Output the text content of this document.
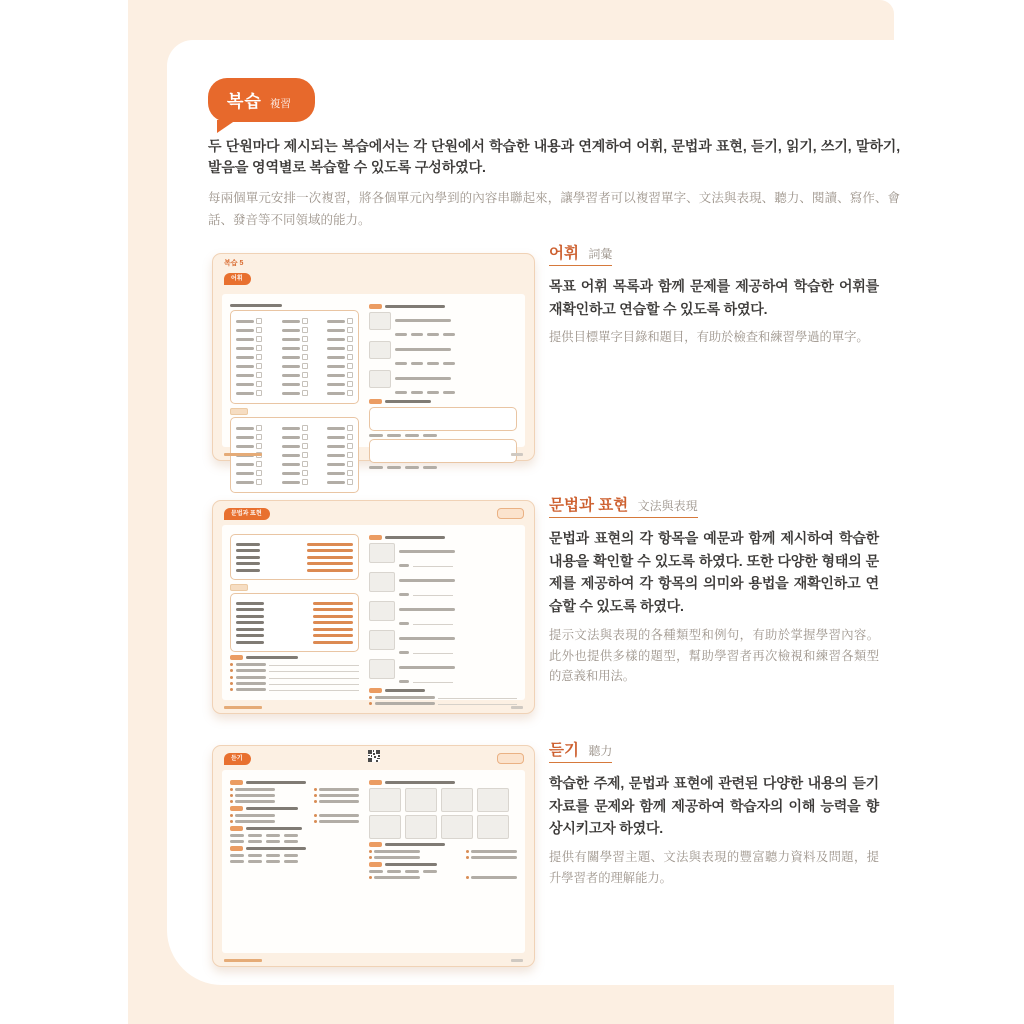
복습 複習
두 단원마다 제시되는 복습에서는 각 단원에서 학습한 내용과 연계하여 어휘, 문법과 표현, 듣기, 읽기, 쓰기, 말하기, 발음을 영역별로 복습할 수 있도록 구성하였다.
每兩個單元安排一次複習，將各個單元內學到的內容串聯起來，讓學習者可以複習單字、文法與表現、聽力、閱讀、寫作、會話、發音等不同領域的能力。
복습 5
어휘
문법과 표현
듣기
어휘 詞彙
목표 어휘 목록과 함께 문제를 제공하여 학습한 어휘를 재확인하고 연습할 수 있도록 하였다.
提供目標單字目錄和題目，有助於檢查和練習學過的單字。
문법과 표현 文法與表現
문법과 표현의 각 항목을 예문과 함께 제시하여 학습한 내용을 확인할 수 있도록 하였다. 또한 다양한 형태의 문제를 제공하여 각 항목의 의미와 용법을 재확인하고 연습할 수 있도록 하였다.
提示文法與表現的各種類型和例句，有助於掌握學習內容。此外也提供多樣的題型，幫助學習者再次檢視和練習各類型的意義和用法。
듣기 聽力
학습한 주제, 문법과 표현에 관련된 다양한 내용의 듣기 자료를 문제와 함께 제공하여 학습자의 이해 능력을 향상시키고자 하였다.
提供有關學習主題、文法與表現的豐富聽力資料及問題，提升學習者的理解能力。
